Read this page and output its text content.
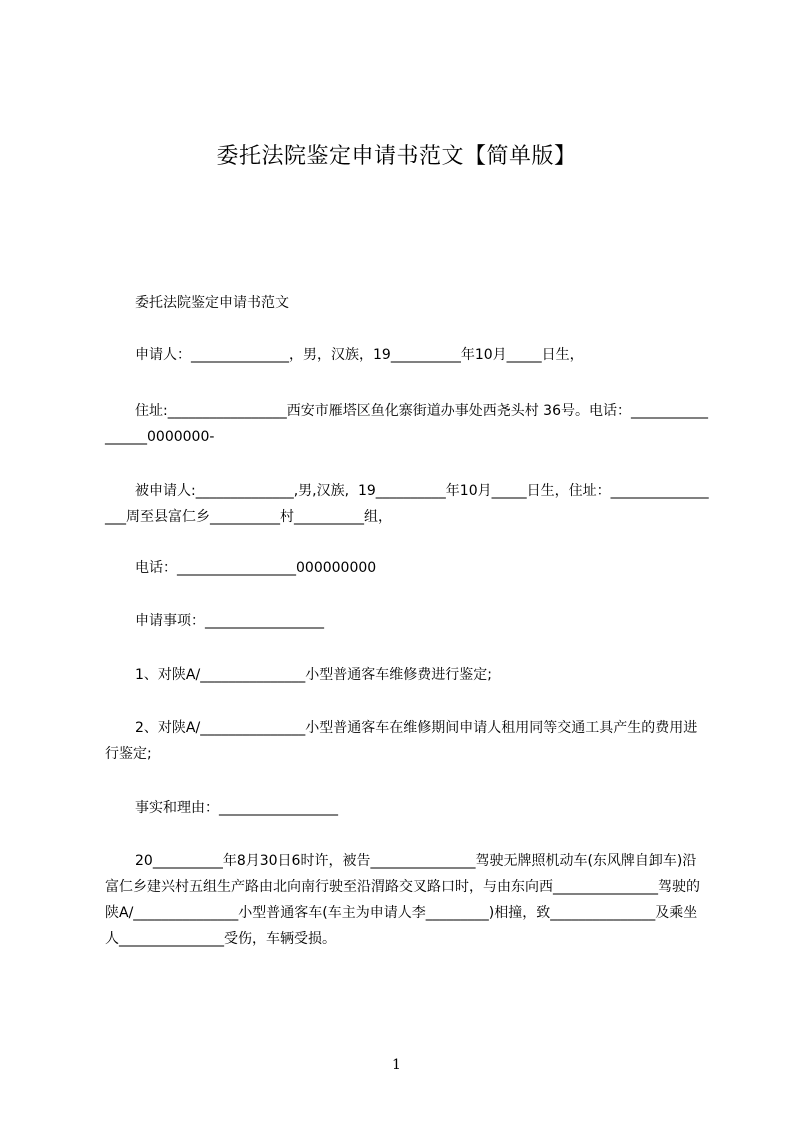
委托法院鉴定申请书范文【简单版】

委托法院鉴定申请书范文

申请人：______________，男，汉族，19__________年10月_____日生，

住址:_________________西安市雁塔区鱼化寨街道办事处西尧头村 36号。电话：_________________0000000-

被申请人:______________,男,汉族,  19__________年10月_____日生，住址：_________________周至县富仁乡__________村__________组，

电话：_________________000000000

申请事项：_________________

1、对陕A/_______________小型普通客车维修费进行鉴定;

2、对陕A/_______________小型普通客车在维修期间申请人租用同等交通工具产生的费用进行鉴定;

事实和理由：_________________

20__________年8月30日6时许，被告_______________驾驶无牌照机动车(东风牌自卸车)沿富仁乡建兴村五组生产路由北向南行驶至沿渭路交叉路口时，与由东向西_______________驾驶的陕A/_______________小型普通客车(车主为申请人李_________)相撞，致_______________及乘坐人_______________受伤，车辆受损。

1
